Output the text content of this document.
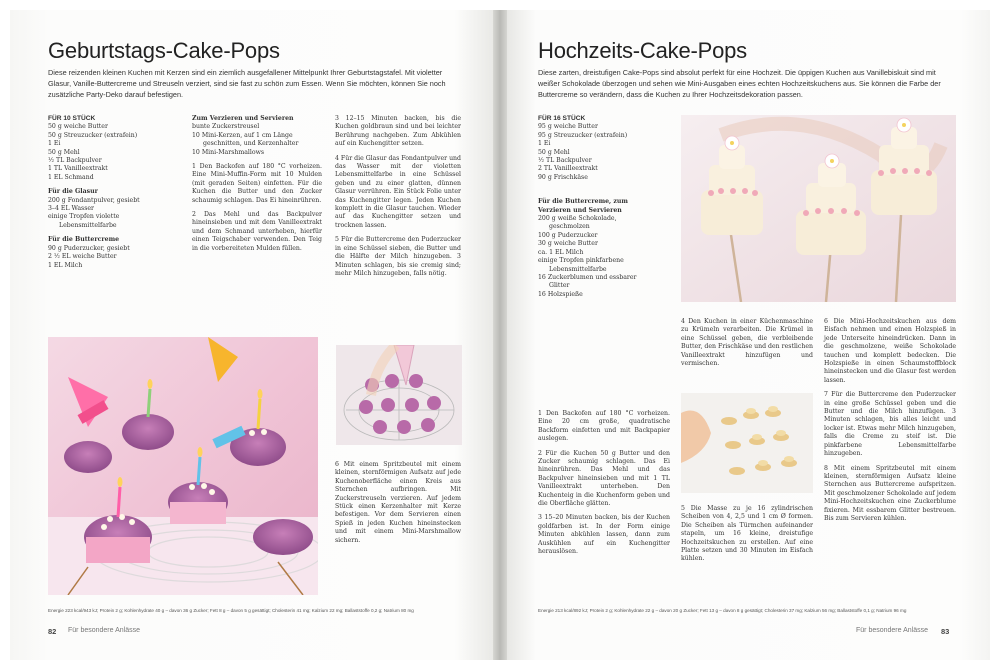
Geburtstags-Cake-Pops
Diese reizenden kleinen Kuchen mit Kerzen sind ein ziemlich ausgefallener Mittelpunkt Ihrer Geburtstagstafel. Mit violetter Glasur, Vanille-Buttercreme und Streuseln verziert, sind sie fast zu schön zum Essen. Wenn Sie möchten, können Sie noch zusätzliche Party-Deko darauf befestigen.
FÜR 10 STÜCK
50 g weiche Butter
50 g Streuzucker (extrafein)
1 Ei
50 g Mehl
½ TL Backpulver
1 TL Vanilleextrakt
1 EL Schmand
Für die Glasur
200 g Fondantpulver, gesiebt
3–4 EL Wasser
einige Tropfen violette
Lebensmittelfarbe
Für die Buttercreme
90 g Puderzucker, gesiebt
2 ½ EL weiche Butter
1 EL Milch
Zum Verzieren und Servieren
bunte Zuckerstreusel
10 Mini-Kerzen, auf 1 cm Länge
geschnitten, und Kerzenhalter
10 Mini-Marshmallows

1 Den Backofen auf 180 °C vorheizen. Eine Mini-Muffin-Form mit 10 Mulden (mit geraden Seiten) einfetten. Für die Kuchen die Butter und den Zucker schaumig schlagen. Das Ei hineinrühren.

2 Das Mehl und das Backpulver hineinsieben und mit dem Vanilleextrakt und dem Schmand unterheben, hierfür einen Teigschaber verwenden. Den Teig in die vorbereiteten Mulden füllen.

3 12–15 Minuten backen, bis die Kuchen goldbraun sind und bei leichter Berührung nachgeben. Zum Abkühlen auf ein Kuchengitter setzen.

4 Für die Glasur das Fondantpulver und das Wasser mit der violetten Lebensmittelfarbe in eine Schüssel geben und zu einer glatten, dünnen Glasur verrühren. Ein Stück Folie unter das Kuchengitter legen. Jeden Kuchen komplett in die Glasur tauchen. Wieder auf das Kuchengitter setzen und trocknen lassen.

5 Für die Buttercreme den Puderzucker in eine Schüssel sieben, die Butter und die Hälfte der Milch hinzugeben. 3 Minuten schlagen, bis sie cremig sind; mehr Milch hinzugeben, falls nötig.

6 Mit einem Spritzbeutel mit einem kleinen, sternförmigen Aufsatz auf jede Kuchenoberfläche einen Kreis aus Sternchen aufbringen. Mit Zuckerstreuseln verzieren. Auf jedem Stück einen Kerzenhalter mit Kerze befestigen. Vor dem Servieren einen Spieß in jeden Kuchen hineinstecken und mit einem Mini-Marshmallow sichern.

Energie 223 kcal/943 kJ; Protein 2 g; Kohlenhydrate 40 g – davon 36 g Zucker; Fett 8 g – davon 5 g gesättigt; Cholesterin 41 mg; Kalzium 22 mg; Ballaststoffe 0,2 g; Natrium 80 mg
82 Für besondere Anlässe
Hochzeits-Cake-Pops
Diese zarten, dreistufigen Cake-Pops sind absolut perfekt für eine Hochzeit. Die üppigen Kuchen aus Vanillebiskuit sind mit weißer Schokolade überzogen und sehen wie Mini-Ausgaben eines echten Hochzeitskuchens aus. Sie können die Farbe der Buttercreme so verändern, dass die Kuchen zu Ihrer Hochzeitsdekoration passen.
FÜR 16 STÜCK
95 g weiche Butter
95 g Streuzucker (extrafein)
1 Ei
50 g Mehl
½ TL Backpulver
2 TL Vanilleextrakt
90 g Frischkäse
Für die Buttercreme, zum Verzieren und Servieren
200 g weiße Schokolade,
geschmolzen
100 g Puderzucker
30 g weiche Butter
ca. 1 EL Milch
einige Tropfen pinkfarbene
Lebensmittelfarbe
16 Zuckerblumen und essbarer
Glitter
16 Holzspieße

1 Den Backofen auf 180 °C vorheizen. Eine 20 cm große, quadratische Backform einfetten und mit Backpapier auslegen.

2 Für die Kuchen 50 g Butter und den Zucker schaumig schlagen. Das Ei hineinrühren. Das Mehl und das Backpulver hineinsieben und mit 1 TL Vanilleextrakt unterheben. Den Kuchenteig in die Kuchenform geben und die Oberfläche glätten.

3 15–20 Minuten backen, bis der Kuchen goldfarben ist. In der Form einige Minuten abkühlen lassen, dann zum Auskühlen auf ein Kuchengitter herauslösen.

4 Den Kuchen in einer Küchenmaschine zu Krümeln verarbeiten. Die Krümel in eine Schüssel geben, die verbleibende Butter, den Frischkäse und den restlichen Vanilleextrakt hinzufügen und vermischen.

5 Die Masse zu je 16 zylindrischen Scheiben von 4, 2,5 und 1 cm Ø formen. Die Scheiben als Türmchen aufeinander stapeln, um 16 kleine, dreistufige Hochzeitskuchen zu erstellen. Auf eine Platte setzen und 30 Minuten im Eisfach kühlen.

6 Die Mini-Hochzeitskuchen aus dem Eisfach nehmen und einen Holzspieß in jede Unterseite hineindrücken. Dann in die geschmolzene, weiße Schokolade tauchen und komplett bedecken. Die Holzspieße in einen Schaumstoffblock hineinstecken und die Glasur fest werden lassen.

7 Für die Buttercreme den Puderzucker in eine große Schüssel geben und die Butter und die Milch hinzufügen. 3 Minuten schlagen, bis alles leicht und locker ist. Etwas mehr Milch hinzugeben, falls die Creme zu steif ist. Die pinkfarbene Lebensmittelfarbe hinzugeben.

8 Mit einem Spritzbeutel mit einem kleinen, sternförmigen Aufsatz kleine Sternchen aus Buttercreme aufspritzen. Mit geschmolzener Schokolade auf jedem Mini-Hochzeitskuchen eine Zuckerblume fixieren. Mit essbarem Glitter bestreuen. Bis zum Servieren kühlen.

Energie 213 kcal/892 kJ; Protein 2 g; Kohlenhydrate 22 g – davon 20 g Zucker; Fett 13 g – davon 8 g gesättigt; Cholesterin 37 mg; Kalzium 56 mg; Ballaststoffe 0,1 g; Natrium 96 mg
Für besondere Anlässe 83
